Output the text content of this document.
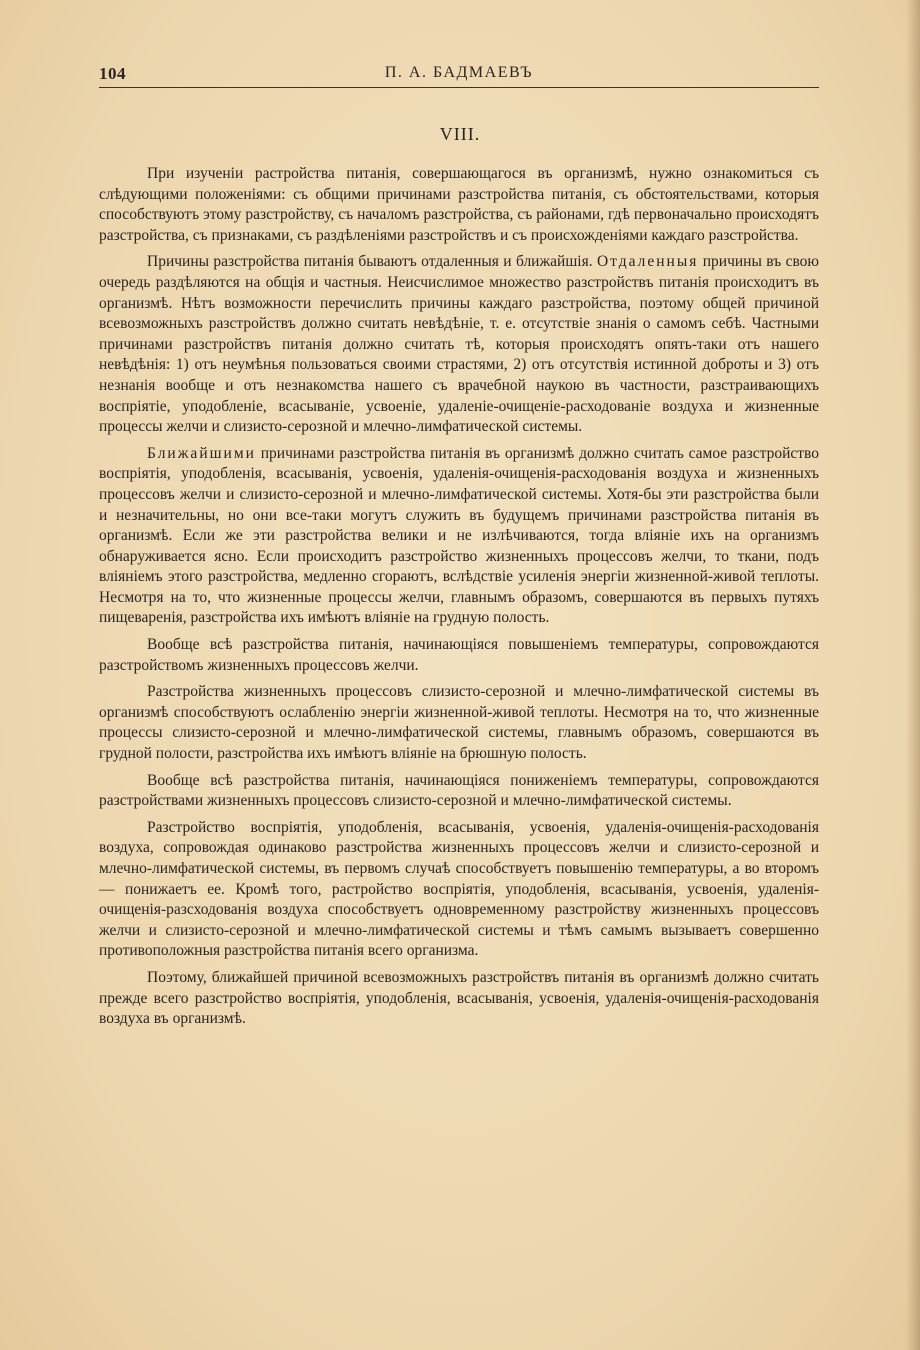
104	П. А. БАДМАЕВЪ
VIII.

При изученіи растройства питанія, совершающагося въ организмѣ, нужно ознакомиться съ слѣдующими положеніями: съ общими причинами разстройства питанія, съ обстоятельствами, которыя способствуютъ этому разстройству, съ началомъ разстройства, съ районами, гдѣ первоначально происходятъ разстройства, съ признаками, съ раздѣленіями разстройствъ и съ происхожденіями каждаго разстройства.

Причины разстройства питанія бываютъ отдаленныя и ближайшія. Отдаленныя причины въ свою очередь раздѣляются на общія и частныя. Неисчислимое множество разстройствъ питанія происходитъ въ организмѣ. Нѣтъ возможности перечислить причины каждаго разстройства, поэтому общей причиной всевозможныхъ разстройствъ должно считать невѣдѣніе, т. е. отсутствіе знанія о самомъ себѣ. Частными причинами разстройствъ питанія должно считать тѣ, которыя происходятъ опять-таки отъ нашего невѣдѣнія: 1) отъ неумѣнья пользоваться своими страстями, 2) отъ отсутствія истинной доброты и 3) отъ незнанія вообще и отъ незнакомства нашего съ врачебной наукою въ частности, разстраивающихъ воспріятіе, уподобленіе, всасываніе, усвоеніе, удаленіе-очищеніе-расходованіе воздуха и жизненные процессы желчи и слизисто-серозной и млечно-лимфатической системы.

Ближайшими причинами разстройства питанія въ организмѣ должно считать самое разстройство воспріятія, уподобленія, всасыванія, усвоенія, удаленія-очищенія-расходованія воздуха и жизненныхъ процессовъ желчи и слизисто-серозной и млечно-лимфатической системы. Хотя-бы эти разстройства были и незначительны, но они все-таки могутъ служить въ будущемъ причинами разстройства питанія въ организмѣ. Если же эти разстройства велики и не излѣчиваются, тогда вліяніе ихъ на организмъ обнаруживается ясно. Если происходитъ разстройство жизненныхъ процессовъ желчи, то ткани, подъ вліяніемъ этого разстройства, медленно сгораютъ, вслѣдствіе усиленія энергіи жизненной-живой теплоты. Несмотря на то, что жизненные процессы желчи, главнымъ образомъ, совершаются въ первыхъ путяхъ пищеваренія, разстройства ихъ имѣютъ вліяніе на грудную полость.

Вообще всѣ разстройства питанія, начинающіяся повышеніемъ температуры, сопровождаются разстройствомъ жизненныхъ процессовъ желчи.

Разстройства жизненныхъ процессовъ слизисто-серозной и млечно-лимфатической системы въ организмѣ способствуютъ ослабленію энергіи жизненной-живой теплоты. Несмотря на то, что жизненные процессы слизисто-серозной и млечно-лимфатической системы, главнымъ образомъ, совершаются въ грудной полости, разстройства ихъ имѣютъ вліяніе на брюшную полость.

Вообще всѣ разстройства питанія, начинающіяся пониженіемъ температуры, сопровождаются разстройствами жизненныхъ процессовъ слизисто-серозной и млечно-лимфатической системы.

Разстройство воспріятія, уподобленія, всасыванія, усвоенія, удаленія-очищенія-расходованія воздуха, сопровождая одинаково разстройства жизненныхъ процессовъ желчи и слизисто-серозной и млечно-лимфатической системы, въ первомъ случаѣ способствуетъ повышенію температуры, а во второмъ — понижаетъ ее. Кромѣ того, растройство воспріятія, уподобленія, всасыванія, усвоенія, удаленія-очищенія-разсходованія воздуха способствуетъ одновременному разстройству жизненныхъ процессовъ желчи и слизисто-серозной и млечно-лимфатической системы и тѣмъ самымъ вызываетъ совершенно противоположныя разстройства питанія всего организма.

Поэтому, ближайшей причиной всевозможныхъ разстройствъ питанія въ организмѣ должно считать прежде всего разстройство воспріятія, уподобленія, всасыванія, усвоенія, удаленія-очищенія-расходованія воздуха въ организмѣ.
